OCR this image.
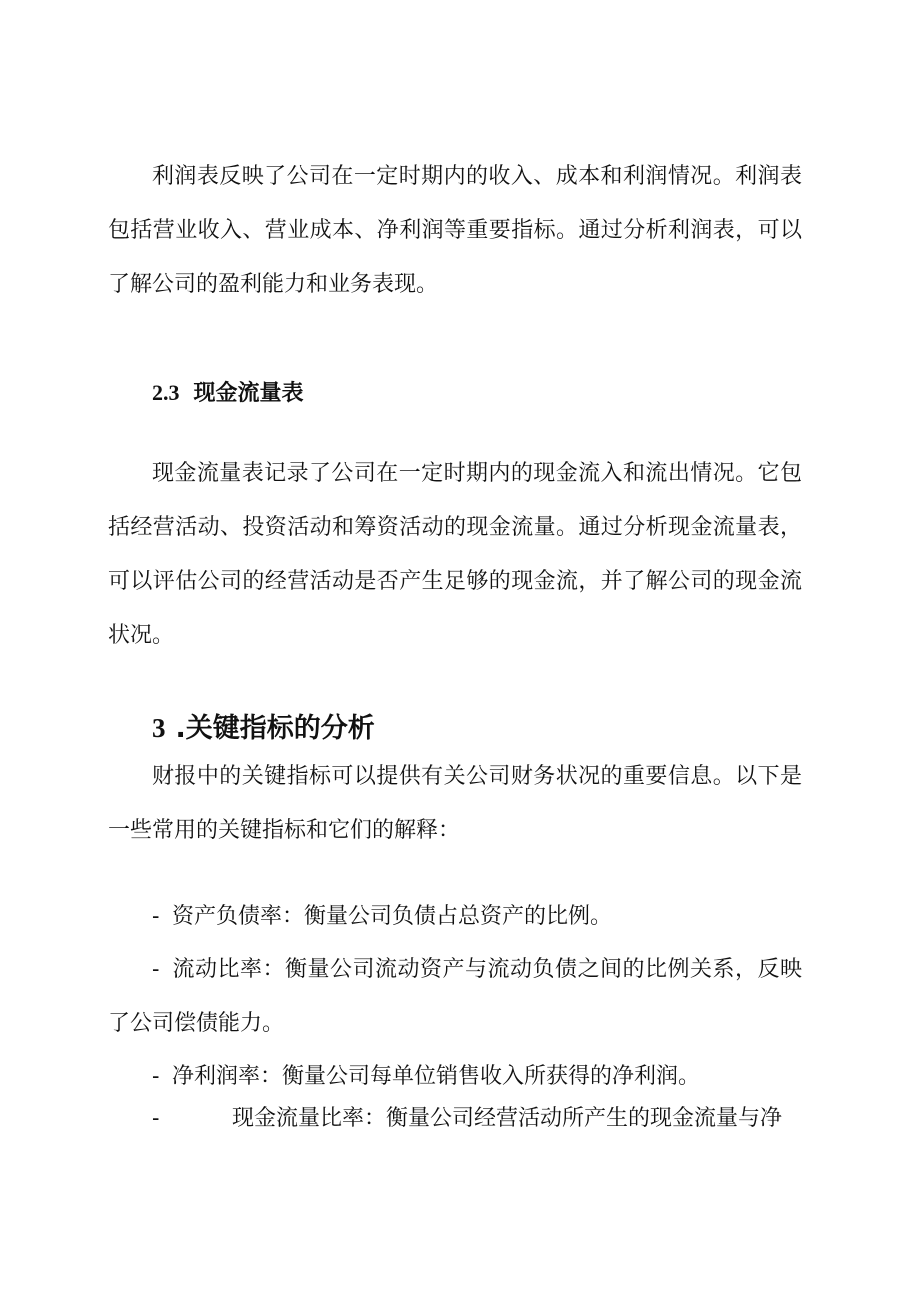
利润表反映了公司在一定时期内的收入、成本和利润情况。利润表包括营业收入、营业成本、净利润等重要指标。通过分析利润表，可以了解公司的盈利能力和业务表现。

2.3 现金流量表

现金流量表记录了公司在一定时期内的现金流入和流出情况。它包括经营活动、投资活动和筹资活动的现金流量。通过分析现金流量表，可以评估公司的经营活动是否产生足够的现金流，并了解公司的现金流状况。

3 .关键指标的分析

财报中的关键指标可以提供有关公司财务状况的重要信息。以下是一些常用的关键指标和它们的解释：

- 资产负债率：衡量公司负债占总资产的比例。

- 流动比率：衡量公司流动资产与流动负债之间的比例关系，反映了公司偿债能力。

- 净利润率：衡量公司每单位销售收入所获得的净利润。

-	现金流量比率：衡量公司经营活动所产生的现金流量与净
